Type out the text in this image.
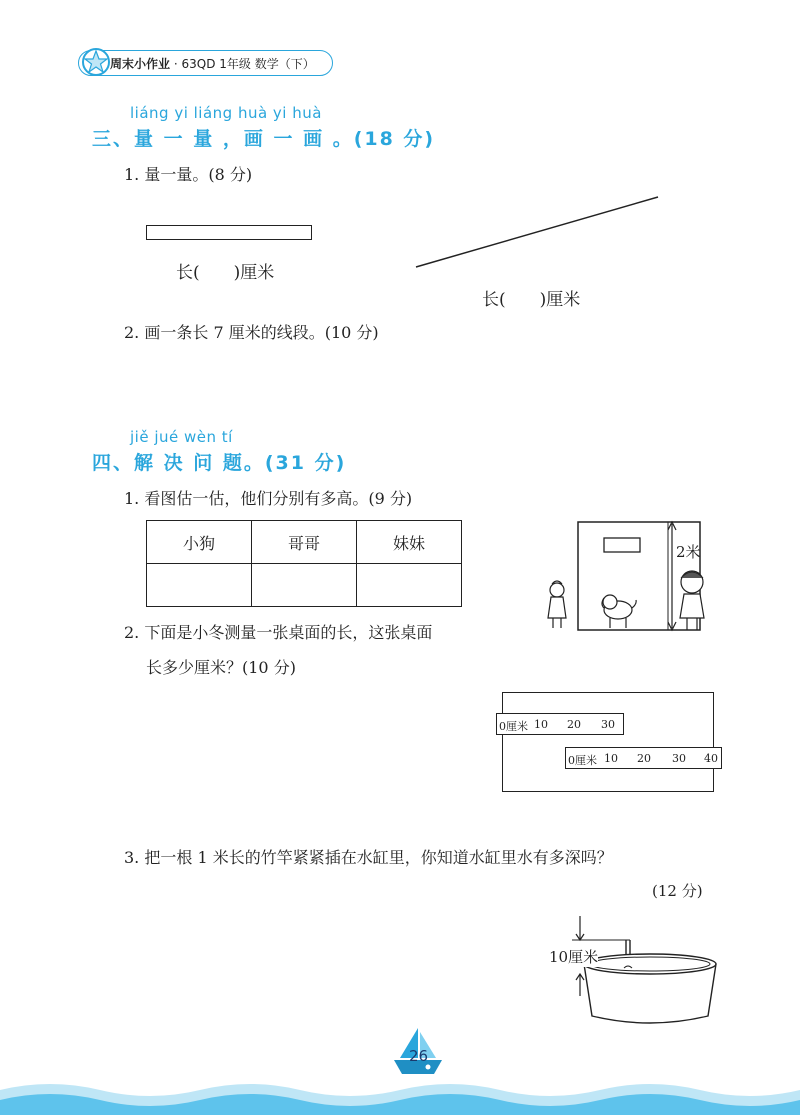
周末小作业 · 63QD 1年级 数学（下）
liáng yi liáng huà yi huà
三、量 一 量 ，画 一 画 。(18 分)
1. 量一量。(8 分)
长(　　)厘米
长(　　)厘米
2. 画一条长 7 厘米的线段。(10 分)
jiě jué wèn tí
四、解 决 问 题。(31 分)
1. 看图估一估，他们分别有多高。(9 分)
小狗	哥哥	妹妹
			2米
2. 下面是小冬测量一张桌面的长，这张桌面
长多少厘米？(10 分)
0厘米 10 20 30
0厘米 10 20 30 40
3. 把一根 1 米长的竹竿紧紧插在水缸里，你知道水缸里水有多深吗？
(12 分)
10厘米
26
